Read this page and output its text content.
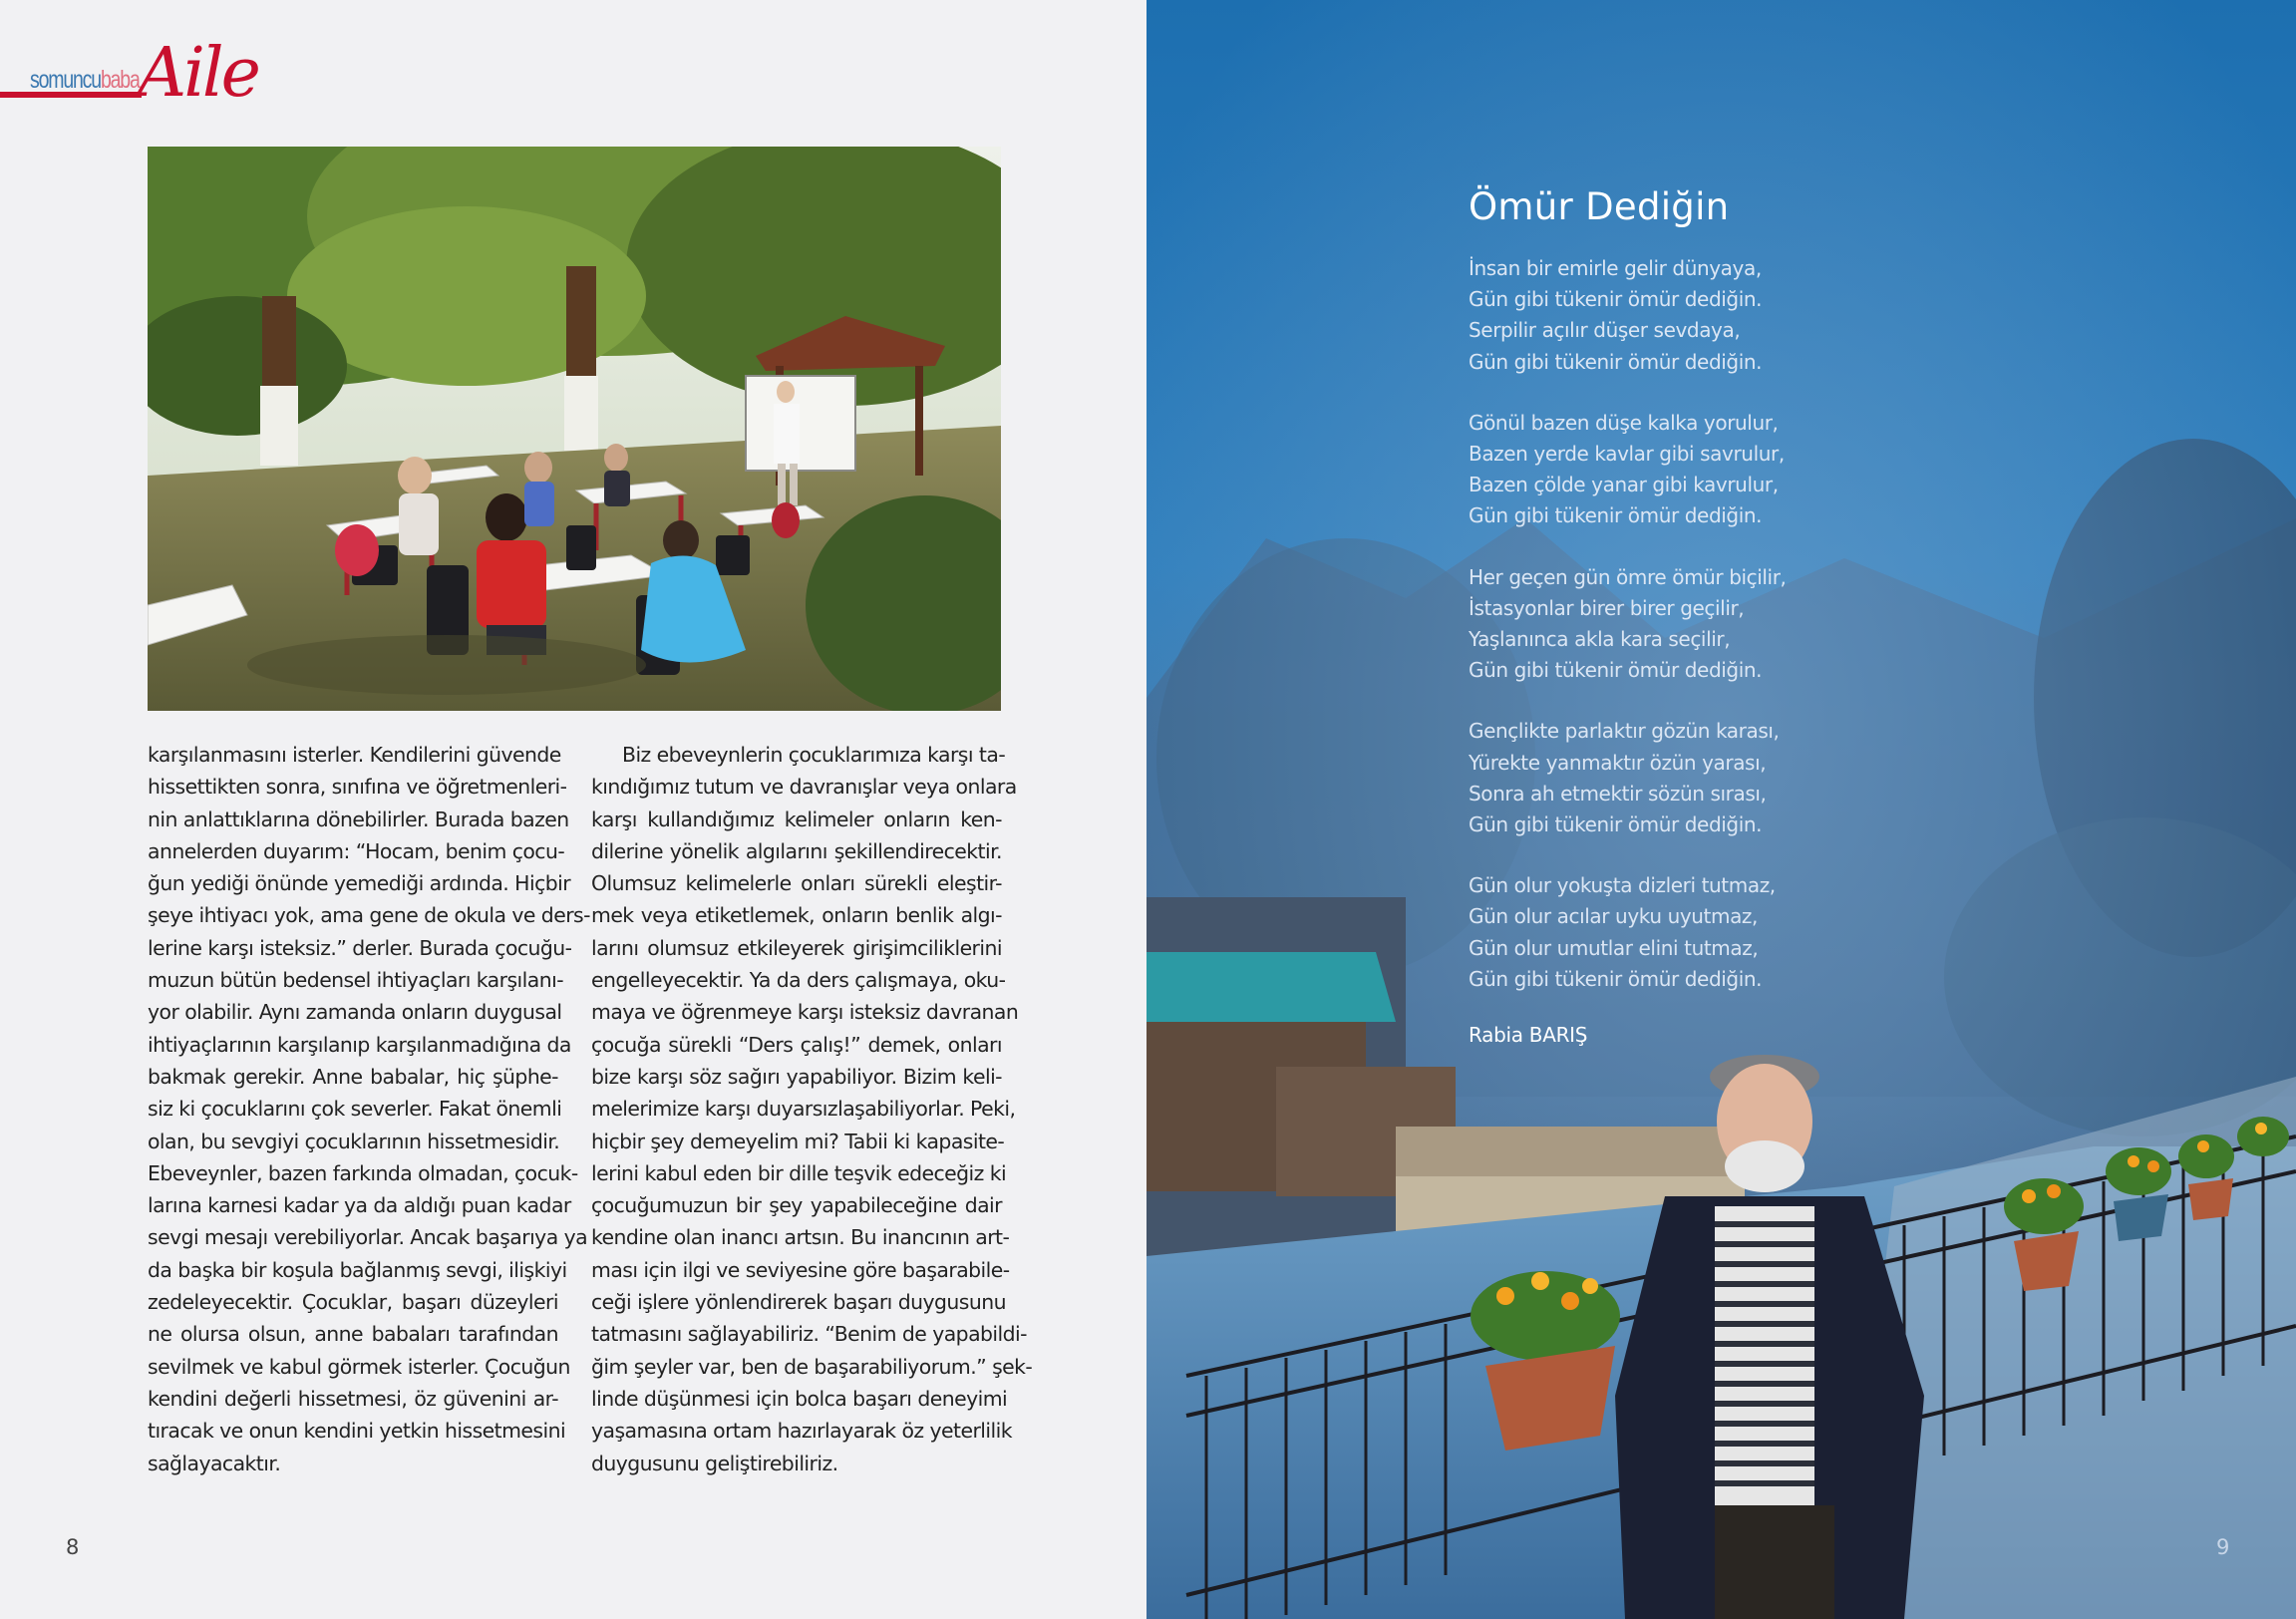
somuncubaba
Aile
karşılanmasını isterler. Kendilerini güvende
hissettikten sonra, sınıfına ve öğretmenleri-
nin anlattıklarına dönebilirler. Burada bazen
annelerden duyarım: “Hocam, benim çocu-
ğun yediği önünde yemediği ardında. Hiçbir
şeye ihtiyacı yok, ama gene de okula ve ders-
lerine karşı isteksiz.” derler. Burada çocuğu-
muzun bütün bedensel ihtiyaçları karşılanı-
yor olabilir. Aynı zamanda onların duygusal
ihtiyaçlarının karşılanıp karşılanmadığına da
bakmak gerekir. Anne babalar, hiç şüphe-
siz ki çocuklarını çok severler. Fakat önemli
olan, bu sevgiyi çocuklarının hissetmesidir.
Ebeveynler, bazen farkında olmadan, çocuk-
larına karnesi kadar ya da aldığı puan kadar
sevgi mesajı verebiliyorlar. Ancak başarıya ya
da başka bir koşula bağlanmış sevgi, ilişkiyi
zedeleyecektir. Çocuklar, başarı düzeyleri
ne olursa olsun, anne babaları tarafından
sevilmek ve kabul görmek isterler. Çocuğun
kendini değerli hissetmesi, öz güvenini ar-
tıracak ve onun kendini yetkin hissetmesini
sağlayacaktır.
Biz ebeveynlerin çocuklarımıza karşı ta-
kındığımız tutum ve davranışlar veya onlara
karşı kullandığımız kelimeler onların ken-
dilerine yönelik algılarını şekillendirecektir.
Olumsuz kelimelerle onları sürekli eleştir-
mek veya etiketlemek, onların benlik algı-
larını olumsuz etkileyerek girişimciliklerini
engelleyecektir. Ya da ders çalışmaya, oku-
maya ve öğrenmeye karşı isteksiz davranan
çocuğa sürekli “Ders çalış!” demek, onları
bize karşı söz sağırı yapabiliyor. Bizim keli-
melerimize karşı duyarsızlaşabiliyorlar. Peki,
hiçbir şey demeyelim mi? Tabii ki kapasite-
lerini kabul eden bir dille teşvik edeceğiz ki
çocuğumuzun bir şey yapabileceğine dair
kendine olan inancı artsın. Bu inancının art-
ması için ilgi ve seviyesine göre başarabile-
ceği işlere yönlendirerek başarı duygusunu
tatmasını sağlayabiliriz. “Benim de yapabildi-
ğim şeyler var, ben de başarabiliyorum.” şek-
linde düşünmesi için bolca başarı deneyimi
yaşamasına ortam hazırlayarak öz yeterlilik
duygusunu geliştirebiliriz.
8
Ömür Dediğin
İnsan bir emirle gelir dünyaya,
Gün gibi tükenir ömür dediğin.
Serpilir açılır düşer sevdaya,
Gün gibi tükenir ömür dediğin.
Gönül bazen düşe kalka yorulur,
Bazen yerde kavlar gibi savrulur,
Bazen çölde yanar gibi kavrulur,
Gün gibi tükenir ömür dediğin.
Her geçen gün ömre ömür biçilir,
İstasyonlar birer birer geçilir,
Yaşlanınca akla kara seçilir,
Gün gibi tükenir ömür dediğin.
Gençlikte parlaktır gözün karası,
Yürekte yanmaktır özün yarası,
Sonra ah etmektir sözün sırası,
Gün gibi tükenir ömür dediğin.
Gün olur yokuşta dizleri tutmaz,
Gün olur acılar uyku uyutmaz,
Gün olur umutlar elini tutmaz,
Gün gibi tükenir ömür dediğin.
Rabia BARIŞ
9
